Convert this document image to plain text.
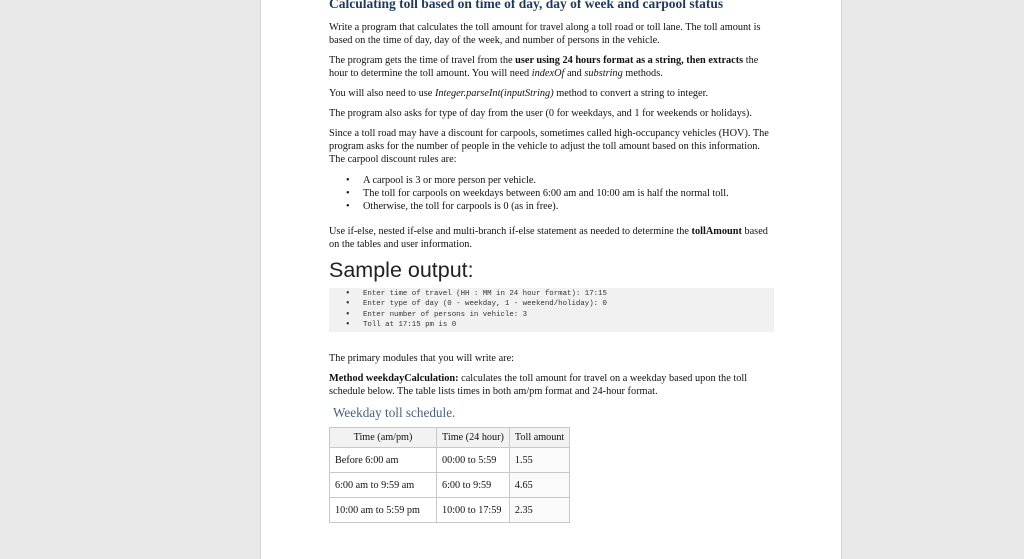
Calculating toll based on time of day, day of week and carpool status

Write a program that calculates the toll amount for travel along a toll road or toll lane. The toll amount is based on the time of day, day of the week, and number of persons in the vehicle.

The program gets the time of travel from the user using 24 hours format as a string, then extracts the hour to determine the toll amount. You will need indexOf and substring methods.

You will also need to use Integer.parseInt(inputString) method to convert a string to integer.

The program also asks for type of day from the user (0 for weekdays, and 1 for weekends or holidays).

Since a toll road may have a discount for carpools, sometimes called high-occupancy vehicles (HOV). The program asks for the number of people in the vehicle to adjust the toll amount based on this information. The carpool discount rules are:

• A carpool is 3 or more person per vehicle.
• The toll for carpools on weekdays between 6:00 am and 10:00 am is half the normal toll.
• Otherwise, the toll for carpools is 0 (as in free).

Use if-else, nested if-else and multi-branch if-else statement as needed to determine the tollAmount based on the tables and user information.

Sample output:
• Enter time of travel (HH : MM in 24 hour format): 17:15
• Enter type of day (0 - weekday, 1 - weekend/holiday): 0
• Enter number of persons in vehicle: 3
• Toll at 17:15 pm is 0

The primary modules that you will write are:

Method weekdayCalculation: calculates the toll amount for travel on a weekday based upon the toll schedule below. The table lists times in both am/pm format and 24-hour format.

Weekday toll schedule.
Time (am/pm)	Time (24 hour)	Toll amount
Before 6:00 am	00:00 to 5:59	1.55
6:00 am to 9:59 am	6:00 to 9:59	4.65
10:00 am to 5:59 pm	10:00 to 17:59	2.35
